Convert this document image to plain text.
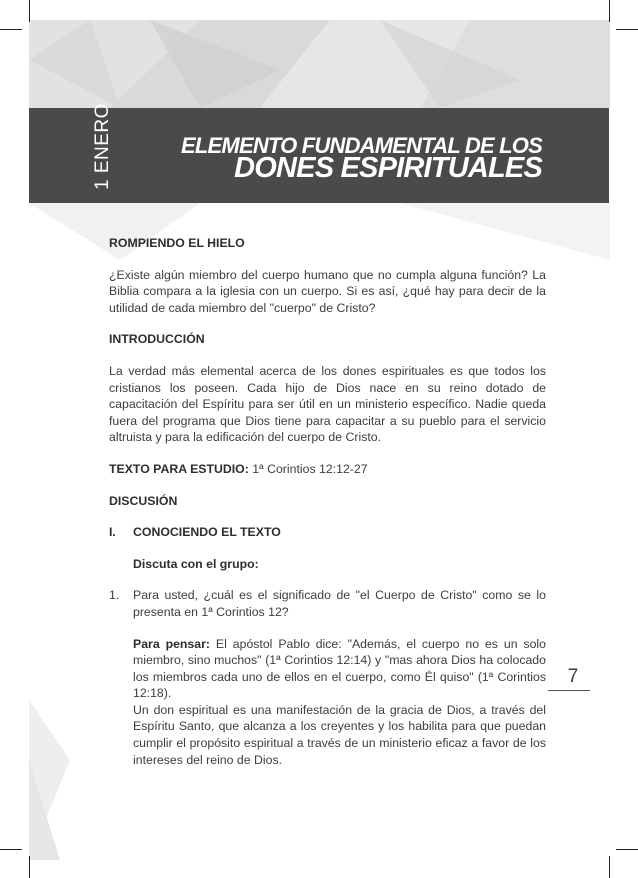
1 ENERO	ELEMENTO FUNDAMENTAL DE LOS
DONES ESPIRITUALES

ROMPIENDO EL HIELO

¿Existe algún miembro del cuerpo humano que no cumpla alguna función? La Biblia compara a la iglesia con un cuerpo. Si es así, ¿qué hay para decir de la utilidad de cada miembro del "cuerpo" de Cristo?

INTRODUCCIÓN

La verdad más elemental acerca de los dones espirituales es que todos los cristianos los poseen. Cada hijo de Dios nace en su reino dotado de capacitación del Espíritu para ser útil en un ministerio específico. Nadie queda fuera del programa que Dios tiene para capacitar a su pueblo para el servicio altruista y para la edificación del cuerpo de Cristo.

TEXTO PARA ESTUDIO: 1ª Corintios 12:12-27

DISCUSIÓN

I.	CONOCIENDO EL TEXTO

Discuta con el grupo:

1.	Para usted, ¿cuál es el significado de "el Cuerpo de Cristo" como se lo presenta en 1ª Corintios 12?

Para pensar: El apóstol Pablo dice: "Además, el cuerpo no es un solo miembro, sino muchos" (1ª Corintios 12:14) y "mas ahora Dios ha colocado los miembros cada uno de ellos en el cuerpo, como Él quiso" (1ª Corintios 12:18).

Un don espiritual es una manifestación de la gracia de Dios, a través del Espíritu Santo, que alcanza a los creyentes y los habilita para que puedan cumplir el propósito espiritual a través de un ministerio eficaz a favor de los intereses del reino de Dios.

7
